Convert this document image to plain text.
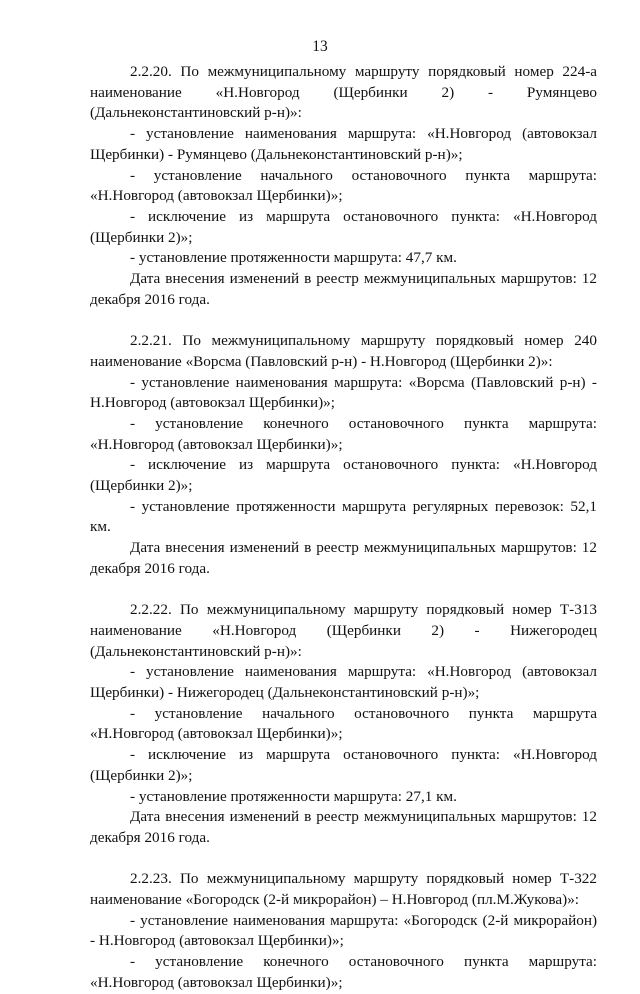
13

2.2.20. По межмуниципальному маршруту порядковый номер 224-а наименование «Н.Новгород (Щербинки 2) - Румянцево (Дальнеконстантиновский р-н)»:

- установление наименования маршрута: «Н.Новгород (автовокзал Щербинки) - Румянцево (Дальнеконстантиновский р-н)»;

- установление начального остановочного пункта маршрута: «Н.Новгород (автовокзал Щербинки)»;

- исключение из маршрута остановочного пункта: «Н.Новгород (Щербинки 2)»;

- установление протяженности маршрута: 47,7 км.

Дата внесения изменений в реестр межмуниципальных маршрутов: 12 декабря 2016 года.

2.2.21. По межмуниципальному маршруту порядковый номер 240 наименование «Ворсма (Павловский р-н) - Н.Новгород (Щербинки 2)»:

- установление наименования маршрута: «Ворсма (Павловский р-н) - Н.Новгород (автовокзал Щербинки)»;

- установление конечного остановочного пункта маршрута: «Н.Новгород (автовокзал Щербинки)»;

- исключение из маршрута остановочного пункта: «Н.Новгород (Щербинки 2)»;

- установление протяженности маршрута регулярных перевозок: 52,1 км.

Дата внесения изменений в реестр межмуниципальных маршрутов: 12 декабря 2016 года.

2.2.22. По межмуниципальному маршруту порядковый номер Т-313 наименование «Н.Новгород (Щербинки 2) - Нижегородец (Дальнеконстантиновский р-н)»:

- установление наименования маршрута: «Н.Новгород (автовокзал Щербинки) - Нижегородец (Дальнеконстантиновский р-н)»;

- установление начального остановочного пункта маршрута «Н.Новгород (автовокзал Щербинки)»;

- исключение из маршрута остановочного пункта: «Н.Новгород (Щербинки 2)»;

- установление протяженности маршрута: 27,1 км.

Дата внесения изменений в реестр межмуниципальных маршрутов: 12 декабря 2016 года.

2.2.23. По межмуниципальному маршруту порядковый номер Т-322 наименование «Богородск (2-й микрорайон) – Н.Новгород (пл.М.Жукова)»:

- установление наименования маршрута: «Богородск (2-й микрорайон) - Н.Новгород (автовокзал Щербинки)»;

- установление конечного остановочного пункта маршрута: «Н.Новгород (автовокзал Щербинки)»;
